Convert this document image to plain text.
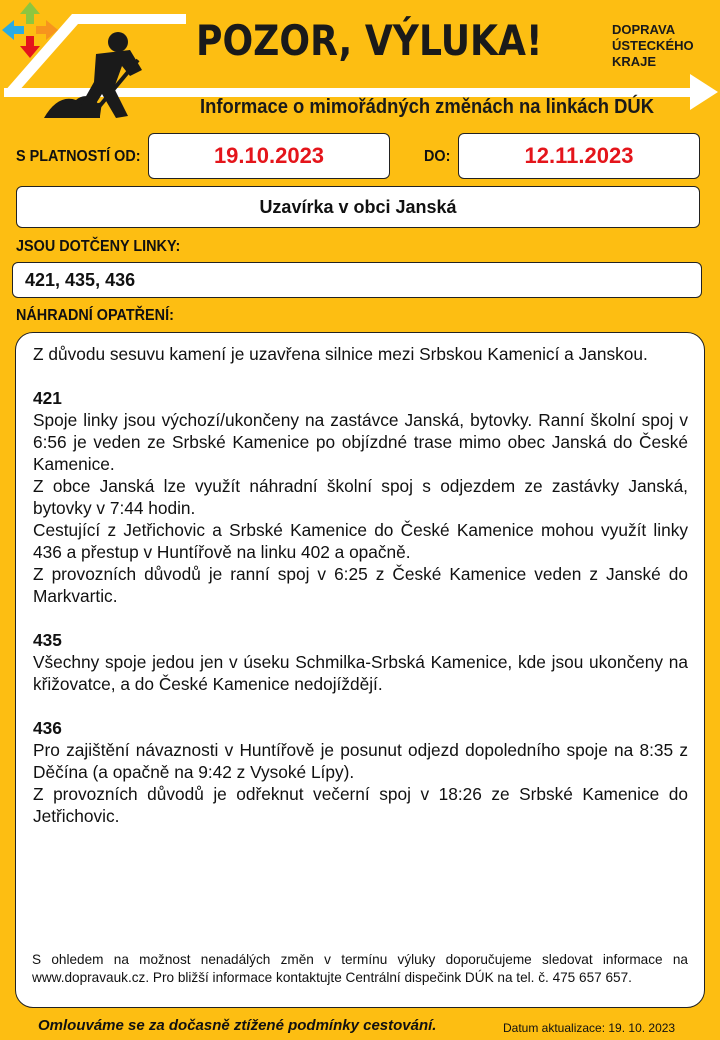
POZOR, VÝLUKA!
Informace o mimořádných změnách na linkách DÚK
DOPRAVA
ÚSTECKÉHO
KRAJE
S PLATNOSTÍ OD:	19.10.2023	DO:	12.11.2023
Uzavírka v obci Janská
JSOU DOTČENY LINKY:
421, 435, 436
NÁHRADNÍ OPATŘENÍ:

Z důvodu sesuvu kamení je uzavřena silnice mezi Srbskou Kamenicí a Janskou.

421

Spoje linky jsou výchozí/ukončeny na zastávce Janská, bytovky. Ranní školní spoj v 6:56 je veden ze Srbské Kamenice po objízdné trase mimo obec Janská do České Kamenice.

Z obce Janská lze využít náhradní školní spoj s odjezdem ze zastávky Janská, bytovky v 7:44 hodin.

Cestující z Jetřichovic a Srbské Kamenice do České Kamenice mohou využít linky 436 a přestup v Huntířově na linku 402 a opačně.

Z provozních důvodů je ranní spoj v 6:25 z České Kamenice veden z Janské do Markvartic.

435

Všechny spoje jedou jen v úseku Schmilka-Srbská Kamenice, kde jsou ukončeny na křižovatce, a do České Kamenice nedojíždějí.

436

Pro zajištění návaznosti v Huntířově je posunut odjezd dopoledního spoje na 8:35 z Děčína (a opačně na 9:42 z Vysoké Lípy).

Z provozních důvodů je odřeknut večerní spoj v 18:26 ze Srbské Kamenice do Jetřichovic.

S ohledem na možnost nenadálých změn v termínu výluky doporučujeme sledovat informace na www.dopravauk.cz. Pro bližší informace kontaktujte Centrální dispečink DÚK na tel. č. 475 657 657.

Omlouváme se za dočasně ztížené podmínky cestování.	Datum aktualizace: 19. 10. 2023
